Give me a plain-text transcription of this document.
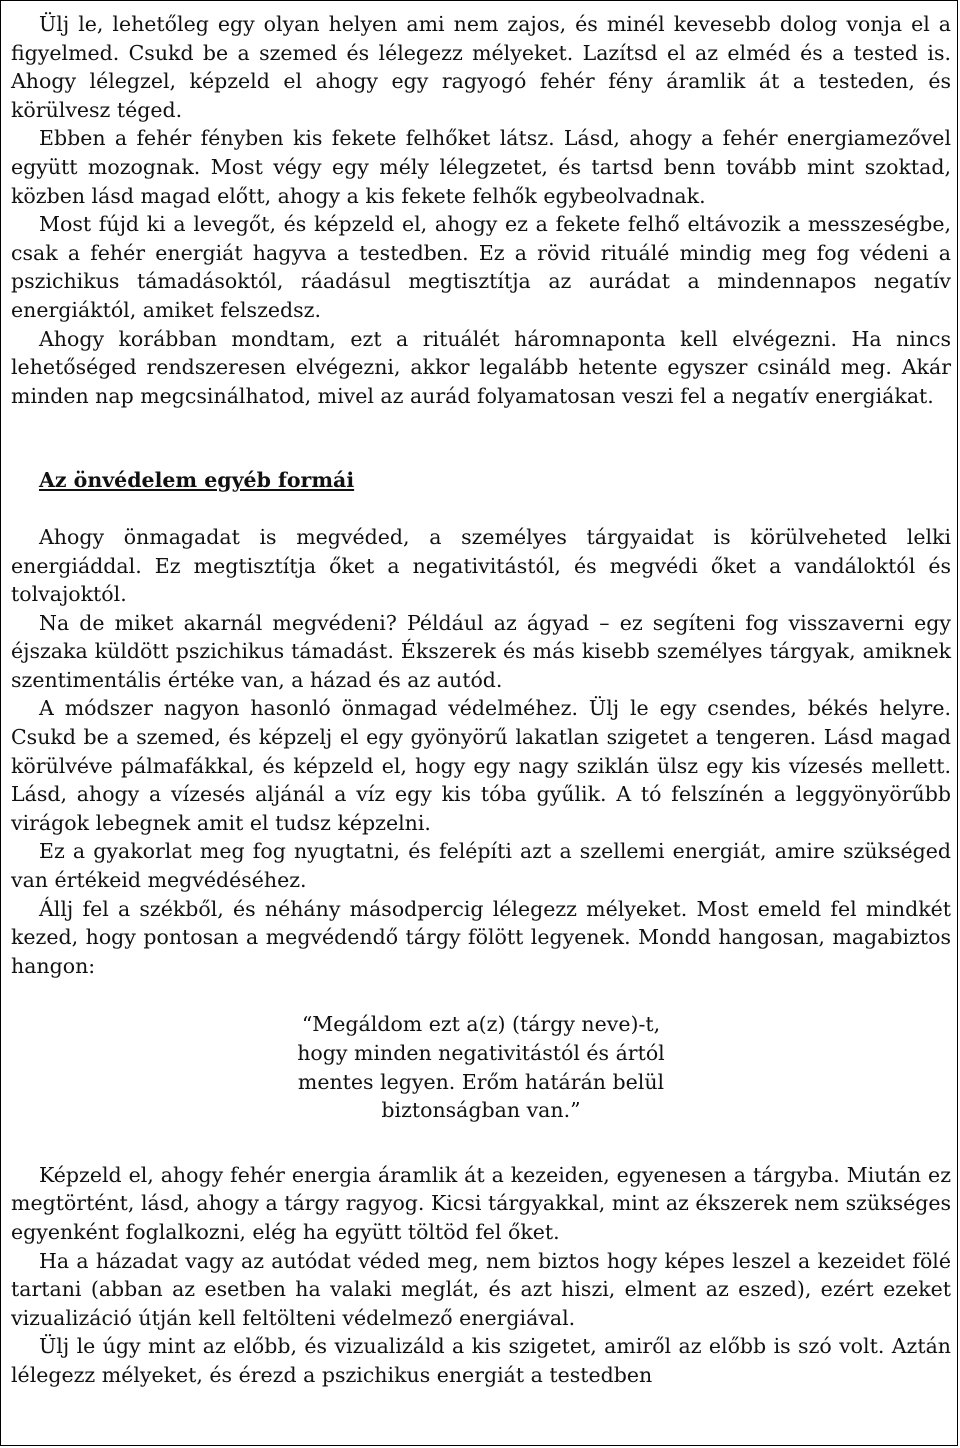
Ülj le, lehetőleg egy olyan helyen ami nem zajos, és minél kevesebb dolog vonja el a figyelmed. Csukd be a szemed és lélegezz mélyeket. Lazítsd el az elméd és a tested is. Ahogy lélegzel, képzeld el ahogy egy ragyogó fehér fény áramlik át a testeden, és körülvesz téged.

Ebben a fehér fényben kis fekete felhőket látsz. Lásd, ahogy a fehér energiamezővel együtt mozognak. Most végy egy mély lélegzetet, és tartsd benn tovább mint szoktad, közben lásd magad előtt, ahogy a kis fekete felhők egybeolvadnak.

Most fújd ki a levegőt, és képzeld el, ahogy ez a fekete felhő eltávozik a messzeségbe, csak a fehér energiát hagyva a testedben. Ez a rövid rituálé mindig meg fog védeni a pszichikus támadásoktól, ráadásul megtisztítja az aurádat a mindennapos negatív energiáktól, amiket felszedsz.

Ahogy korábban mondtam, ezt a rituálét háromnaponta kell elvégezni. Ha nincs lehetőséged rendszeresen elvégezni, akkor legalább hetente egyszer csináld meg. Akár minden nap megcsinálhatod, mivel az aurád folyamatosan veszi fel a negatív energiákat.

Az önvédelem egyéb formái

Ahogy önmagadat is megvéded, a személyes tárgyaidat is körülveheted lelki energiáddal. Ez megtisztítja őket a negativitástól, és megvédi őket a vandáloktól és tolvajoktól.

Na de miket akarnál megvédeni? Például az ágyad – ez segíteni fog visszaverni egy éjszaka küldött pszichikus támadást. Ékszerek és más kisebb személyes tárgyak, amiknek szentimentális értéke van, a házad és az autód.

A módszer nagyon hasonló önmagad védelméhez. Ülj le egy csendes, békés helyre. Csukd be a szemed, és képzelj el egy gyönyörű lakatlan szigetet a tengeren. Lásd magad körülvéve pálmafákkal, és képzeld el, hogy egy nagy sziklán ülsz egy kis vízesés mellett. Lásd, ahogy a vízesés aljánál a víz egy kis tóba gyűlik. A tó felszínén a leggyönyörűbb virágok lebegnek amit el tudsz képzelni.

Ez a gyakorlat meg fog nyugtatni, és felépíti azt a szellemi energiát, amire szükséged van értékeid megvédéséhez.

Állj fel a székből, és néhány másodpercig lélegezz mélyeket. Most emeld fel mindkét kezed, hogy pontosan a megvédendő tárgy fölött legyenek. Mondd hangosan, magabiztos hangon:

“Megáldom ezt a(z) (tárgy neve)-t,
hogy minden negativitástól és ártól
mentes legyen. Erőm határán belül
biztonságban van.”

Képzeld el, ahogy fehér energia áramlik át a kezeiden, egyenesen a tárgyba. Miután ez megtörtént, lásd, ahogy a tárgy ragyog. Kicsi tárgyakkal, mint az ékszerek nem szükséges egyenként foglalkozni, elég ha együtt töltöd fel őket.

Ha a házadat vagy az autódat véded meg, nem biztos hogy képes leszel a kezeidet fölé tartani (abban az esetben ha valaki meglát, és azt hiszi, elment az eszed), ezért ezeket vizualizáció útján kell feltölteni védelmező energiával.

Ülj le úgy mint az előbb, és vizualizáld a kis szigetet, amiről az előbb is szó volt. Aztán lélegezz mélyeket, és érezd a pszichikus energiát a testedben
